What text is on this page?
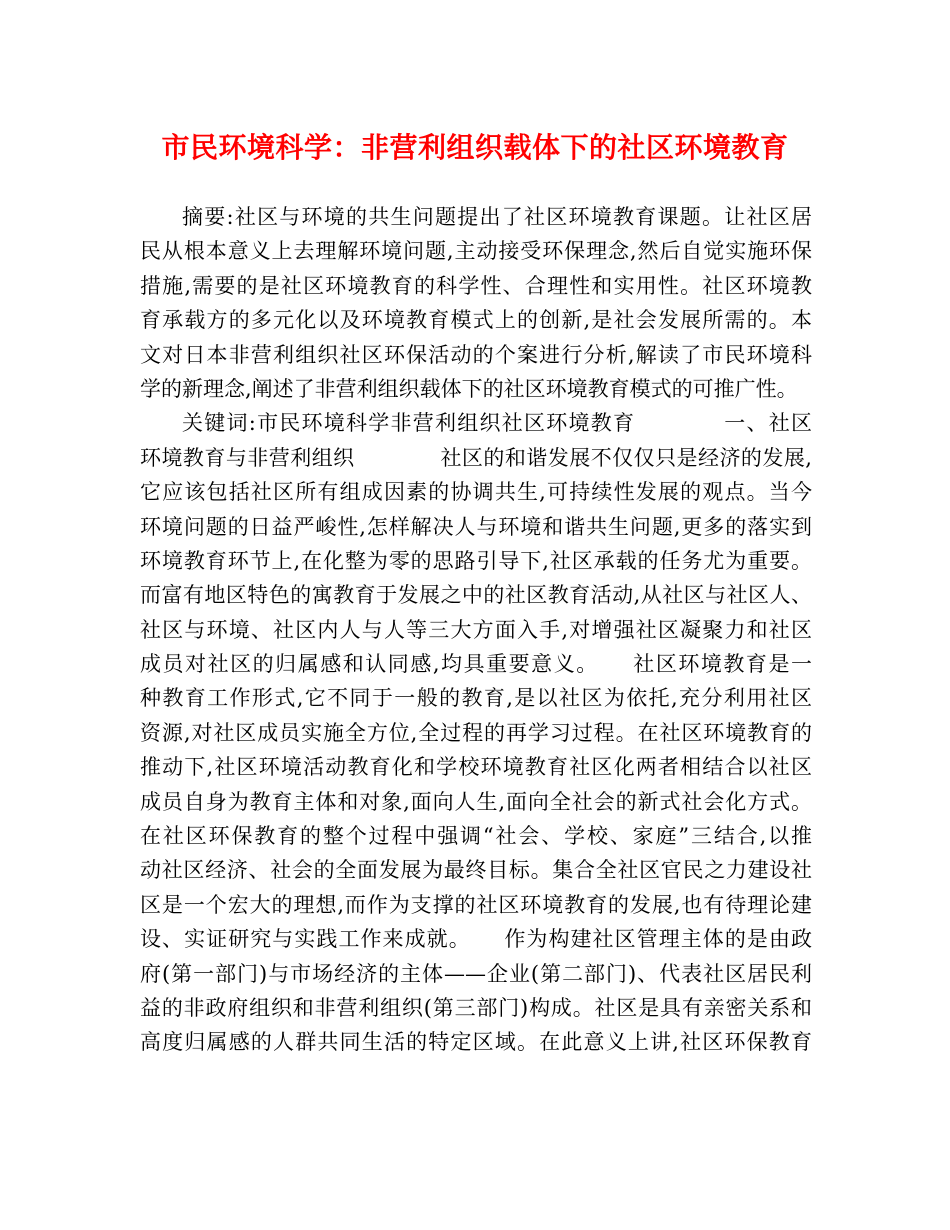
市民环境科学：非营利组织载体下的社区环境教育
摘要:社区与环境的共生问题提出了社区环境教育课题。让社区居
民从根本意义上去理解环境问题,主动接受环保理念,然后自觉实施环保
措施,需要的是社区环境教育的科学性、合理性和实用性。社区环境教
育承载方的多元化以及环境教育模式上的创新,是社会发展所需的。本
文对日本非营利组织社区环保活动的个案进行分析,解读了市民环境科
学的新理念,阐述了非营利组织载体下的社区环境教育模式的可推广性。
关键词:市民环境科学非营利组织社区环境教育　　　　一、社区
环境教育与非营利组织　　　　社区的和谐发展不仅仅只是经济的发展,
它应该包括社区所有组成因素的协调共生,可持续性发展的观点。当今
环境问题的日益严峻性,怎样解决人与环境和谐共生问题,更多的落实到
环境教育环节上,在化整为零的思路引导下,社区承载的任务尤为重要。
而富有地区特色的寓教育于发展之中的社区教育活动,从社区与社区人、
社区与环境、社区内人与人等三大方面入手,对增强社区凝聚力和社区
成员对社区的归属感和认同感,均具重要意义。　　社区环境教育是一
种教育工作形式,它不同于一般的教育,是以社区为依托,充分利用社区
资源,对社区成员实施全方位,全过程的再学习过程。在社区环境教育的
推动下,社区环境活动教育化和学校环境教育社区化两者相结合以社区
成员自身为教育主体和对象,面向人生,面向全社会的新式社会化方式。
在社区环保教育的整个过程中强调“社会、学校、家庭”三结合,以推
动社区经济、社会的全面发展为最终目标。集合全社区官民之力建设社
区是一个宏大的理想,而作为支撑的社区环境教育的发展,也有待理论建
设、实证研究与实践工作来成就。　　作为构建社区管理主体的是由政
府(第一部门)与市场经济的主体——企业(第二部门)、代表社区居民利
益的非政府组织和非营利组织(第三部门)构成。社区是具有亲密关系和
高度归属感的人群共同生活的特定区域。在此意义上讲,社区环保教育
